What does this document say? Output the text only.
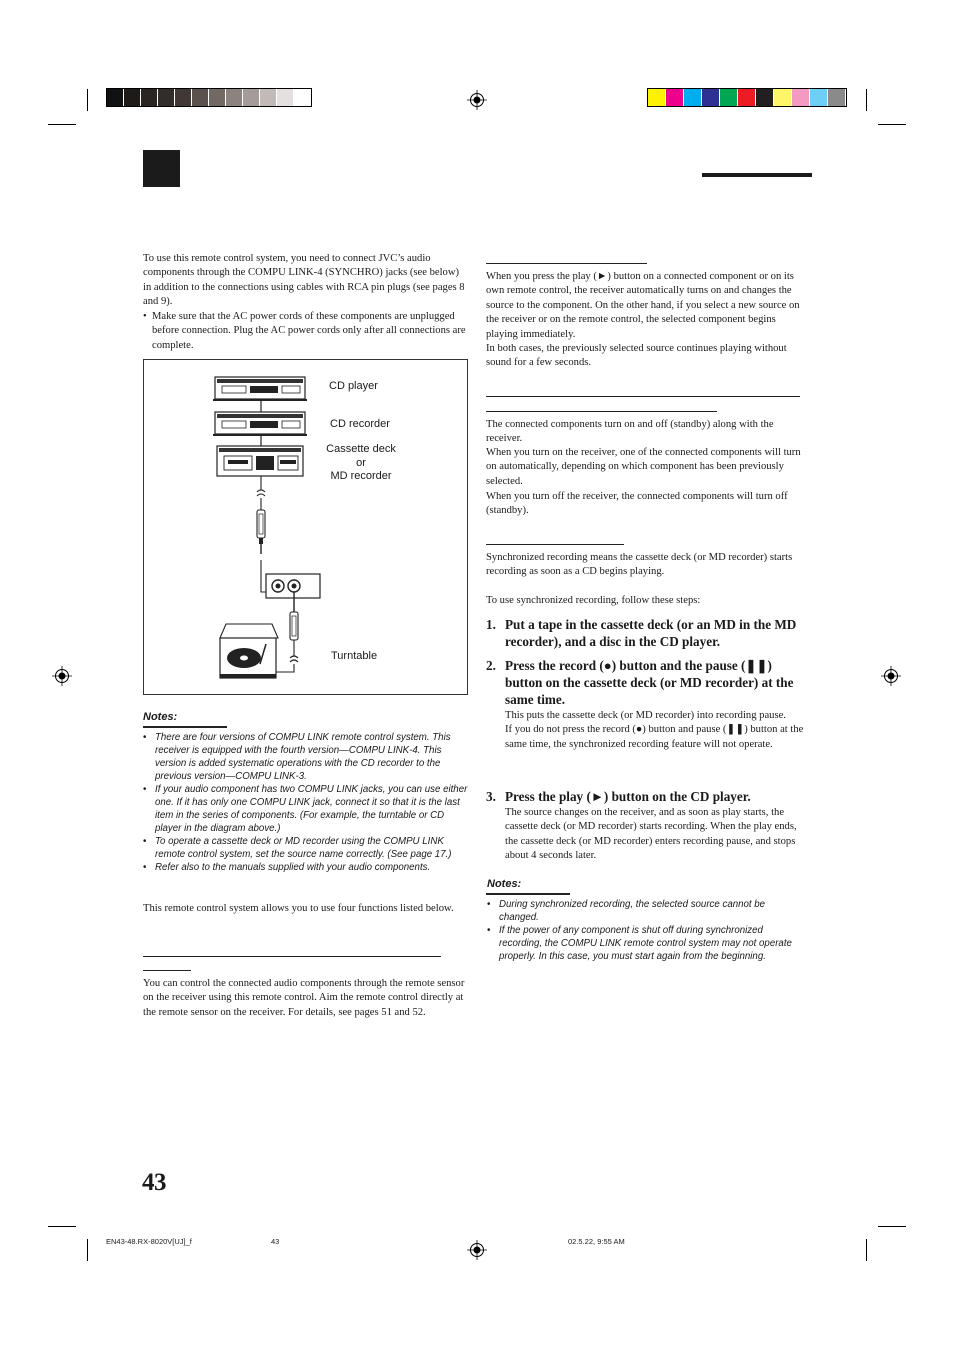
To use this remote control system, you need to connect JVC’s audio components through the COMPU LINK-4 (SYNCHRO) jacks (see below) in addition to the connections using cables with RCA pin plugs (see pages 8 and 9).
• Make sure that the AC power cords of these components are unplugged before connection. Plug the AC power cords only after all connections are complete.
CD player
CD recorder
Cassette deck
or
MD recorder
Turntable
Notes:
• There are four versions of COMPU LINK remote control system. This receiver is equipped with the fourth version—COMPU LINK-4. This version is added systematic operations with the CD recorder to the previous version—COMPU LINK-3.
• If your audio component has two COMPU LINK jacks, you can use either one. If it has only one COMPU LINK jack, connect it so that it is the last item in the series of components. (For example, the turntable or CD player in the diagram above.)
• To operate a cassette deck or MD recorder using the COMPU LINK remote control system, set the source name correctly. (See page 17.)
• Refer also to the manuals supplied with your audio components.
This remote control system allows you to use four functions listed below.
You can control the connected audio components through the remote sensor on the receiver using this remote control. Aim the remote control directly at the remote sensor on the receiver. For details, see pages 51 and 52.
43
When you press the play (►) button on a connected component or on its own remote control, the receiver automatically turns on and changes the source to the component. On the other hand, if you select a new source on the receiver or on the remote control, the selected component begins playing immediately.
In both cases, the previously selected source continues playing without sound for a few seconds.
The connected components turn on and off (standby) along with the receiver.
When you turn on the receiver, one of the connected components will turn on automatically, depending on which component has been previously selected.
When you turn off the receiver, the connected components will turn off (standby).
Synchronized recording means the cassette deck (or MD recorder) starts recording as soon as a CD begins playing.
To use synchronized recording, follow these steps:
1. Put a tape in the cassette deck (or an MD in the MD recorder), and a disc in the CD player.
2. Press the record (●) button and the pause (❚❚) button on the cassette deck (or MD recorder) at the same time.
This puts the cassette deck (or MD recorder) into recording pause.
If you do not press the record (●) button and pause (❚❚) button at the same time, the synchronized recording feature will not operate.
3. Press the play (►) button on the CD player.
The source changes on the receiver, and as soon as play starts, the cassette deck (or MD recorder) starts recording. When the play ends, the cassette deck (or MD recorder) enters recording pause, and stops about 4 seconds later.
Notes:
• During synchronized recording, the selected source cannot be changed.
• If the power of any component is shut off during synchronized recording, the COMPU LINK remote control system may not operate properly. In this case, you must start again from the beginning.
EN43-48.RX-8020V[UJ]_f	43	02.5.22, 9:55 AM
